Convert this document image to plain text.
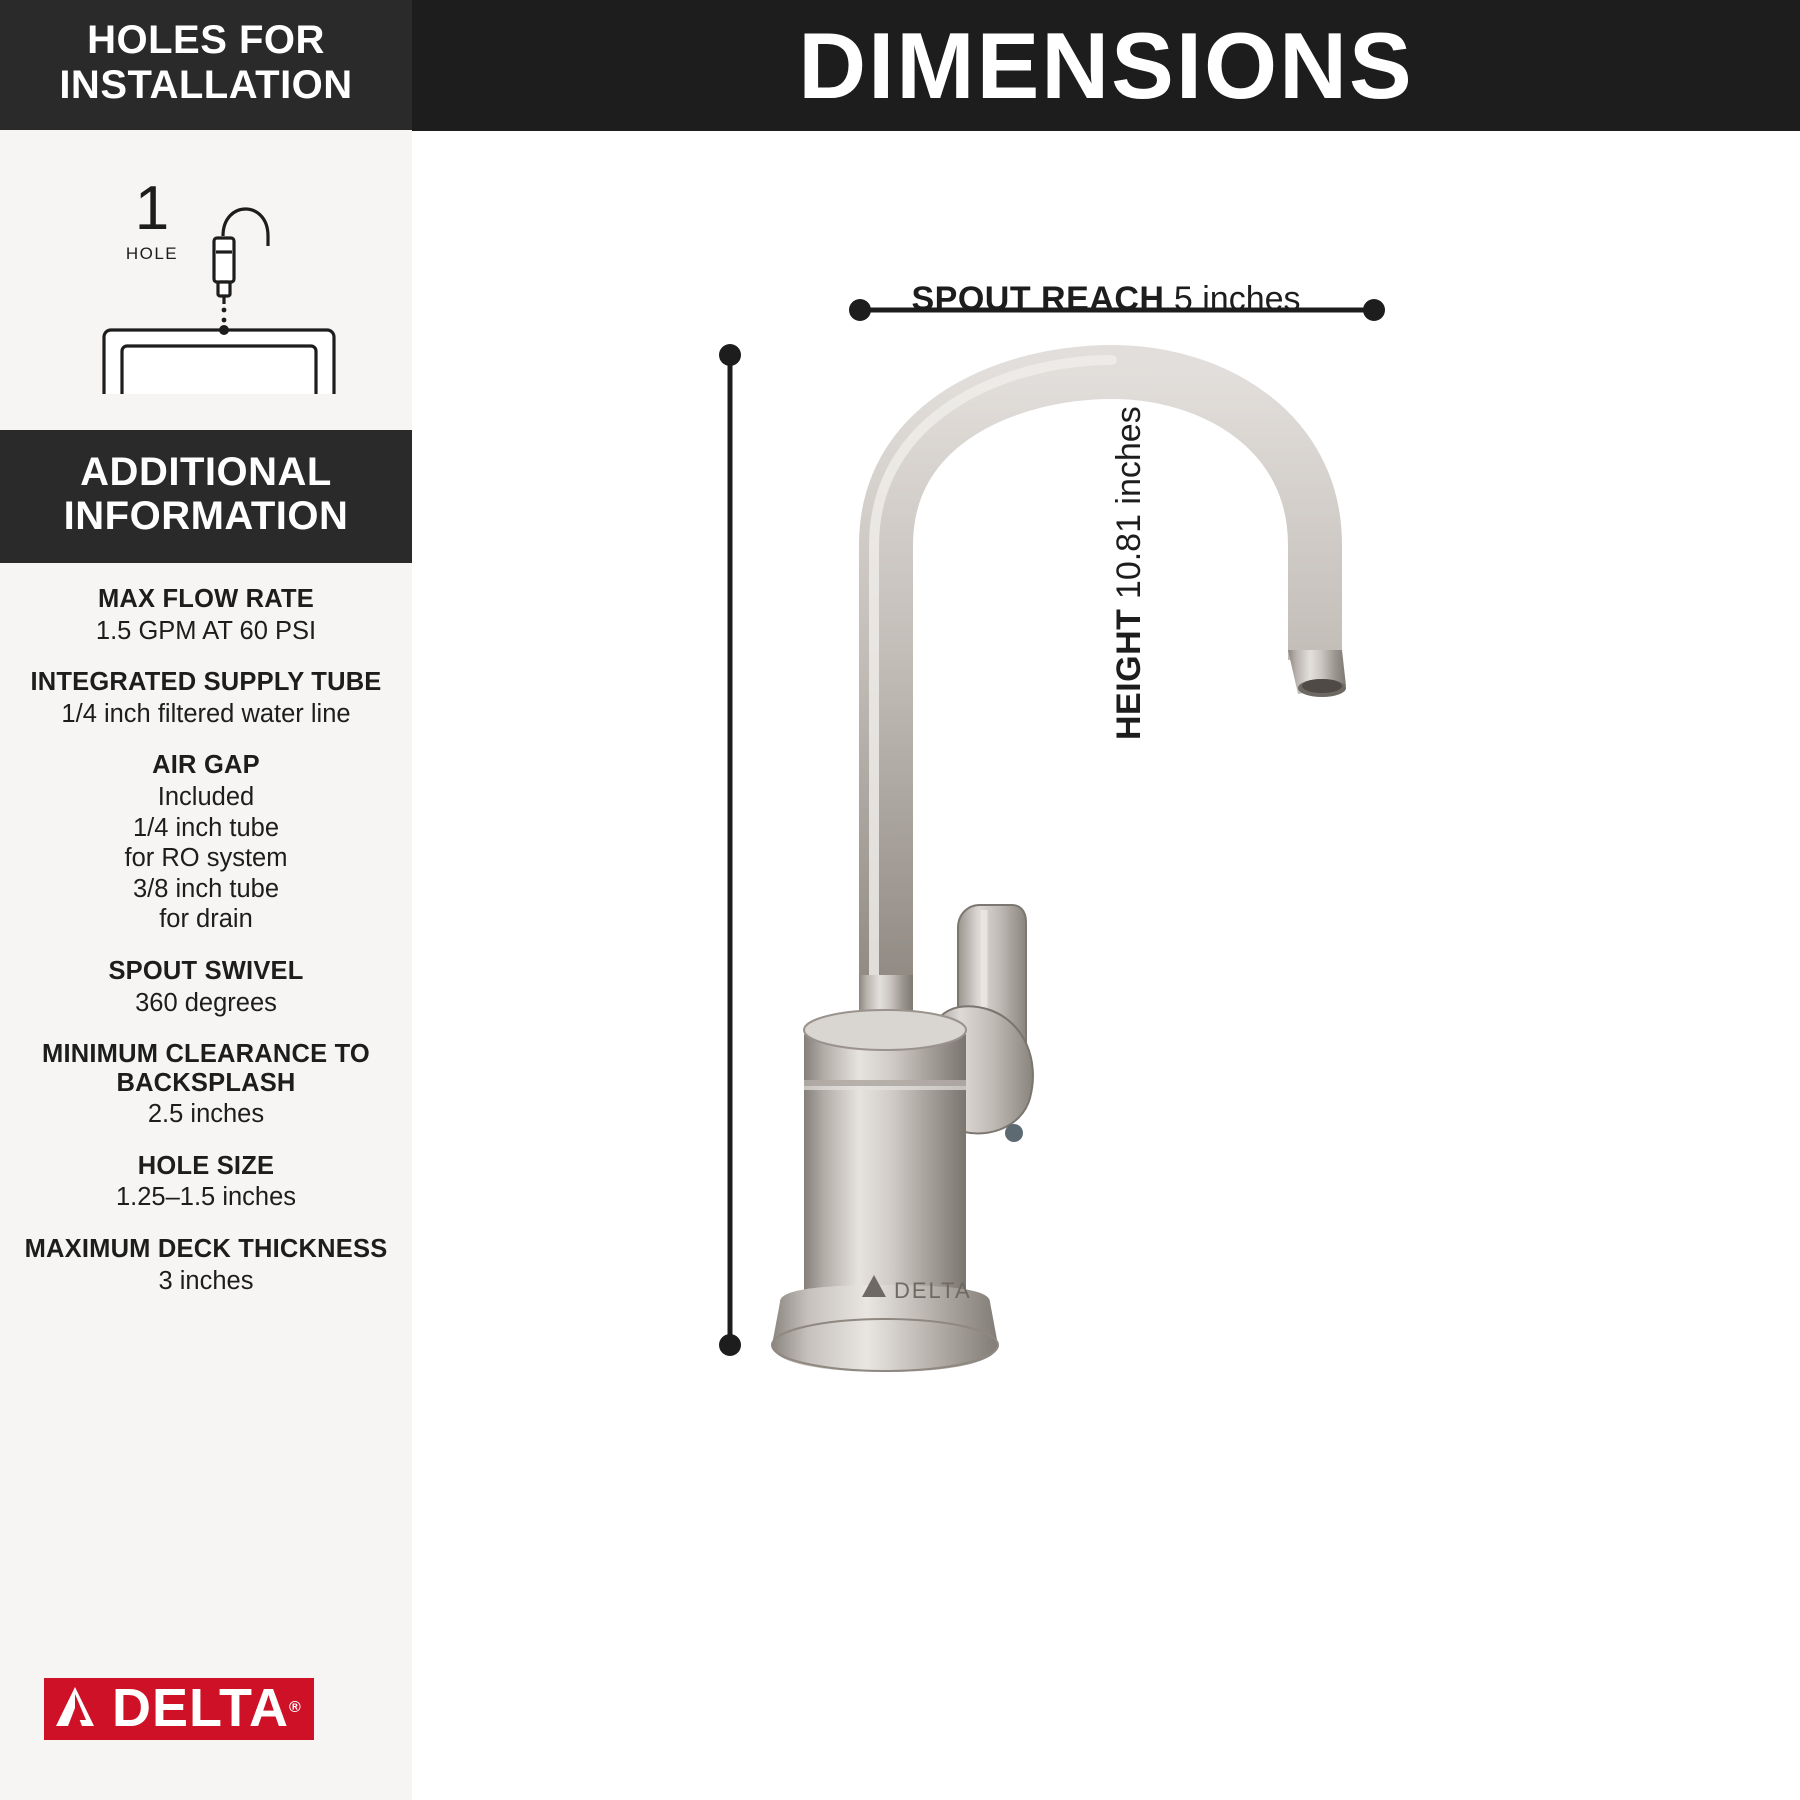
HOLES FOR INSTALLATION
1
HOLE
ADDITIONAL INFORMATION
MAX FLOW RATE
1.5 GPM AT 60 PSI
INTEGRATED SUPPLY TUBE
1/4 inch filtered water line
AIR GAP
Included
1/4 inch tube
for RO system
3/8 inch tube
for drain
SPOUT SWIVEL
360 degrees
MINIMUM CLEARANCE TO BACKSPLASH
2.5 inches
HOLE SIZE
1.25–1.5 inches
MAXIMUM DECK THICKNESS
3 inches
DELTA ®
DIMENSIONS
SPOUT REACH 5 inches
HEIGHT 10.81 inches
DELTA
